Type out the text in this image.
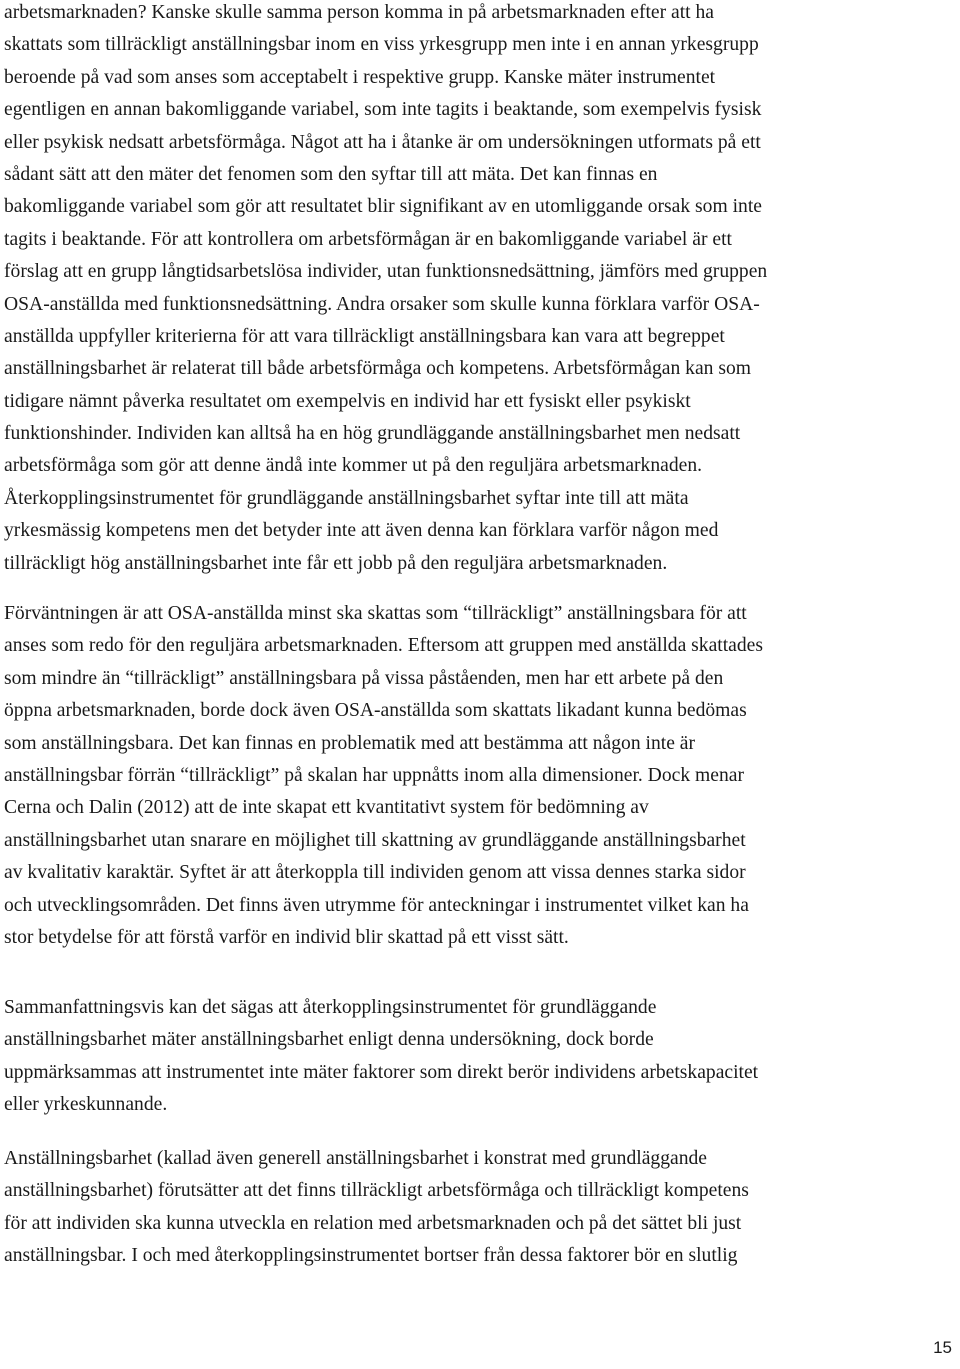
arbetsmarknaden? Kanske skulle samma person komma in på arbetsmarknaden efter att ha
skattats som tillräckligt anställningsbar inom en viss yrkesgrupp men inte i en annan yrkesgrupp
beroende på vad som anses som acceptabelt i respektive grupp. Kanske mäter instrumentet
egentligen en annan bakomliggande variabel, som inte tagits i beaktande, som exempelvis fysisk
eller psykisk nedsatt arbetsförmåga. Något att ha i åtanke är om undersökningen utformats på ett
sådant sätt att den mäter det fenomen som den syftar till att mäta. Det kan finnas en
bakomliggande variabel som gör att resultatet blir signifikant av en utomliggande orsak som inte
tagits i beaktande. För att kontrollera om arbetsförmågan är en bakomliggande variabel är ett
förslag att en grupp långtidsarbetslösa individer, utan funktionsnedsättning, jämförs med gruppen
OSA-anställda med funktionsnedsättning. Andra orsaker som skulle kunna förklara varför OSA-
anställda uppfyller kriterierna för att vara tillräckligt anställningsbara kan vara att begreppet
anställningsbarhet är relaterat till både arbetsförmåga och kompetens. Arbetsförmågan kan som
tidigare nämnt påverka resultatet om exempelvis en individ har ett fysiskt eller psykiskt
funktionshinder. Individen kan alltså ha en hög grundläggande anställningsbarhet men nedsatt
arbetsförmåga som gör att denne ändå inte kommer ut på den reguljära arbetsmarknaden.
Återkopplingsinstrumentet för grundläggande anställningsbarhet syftar inte till att mäta
yrkesmässig kompetens men det betyder inte att även denna kan förklara varför någon med
tillräckligt hög anställningsbarhet inte får ett jobb på den reguljära arbetsmarknaden.
Förväntningen är att OSA-anställda minst ska skattas som “tillräckligt” anställningsbara för att
anses som redo för den reguljära arbetsmarknaden. Eftersom att gruppen med anställda skattades
som mindre än “tillräckligt” anställningsbara på vissa påståenden, men har ett arbete på den
öppna arbetsmarknaden, borde dock även OSA-anställda som skattats likadant kunna bedömas
som anställningsbara. Det kan finnas en problematik med att bestämma att någon inte är
anställningsbar förrän “tillräckligt” på skalan har uppnåtts inom alla dimensioner. Dock menar
Cerna och Dalin (2012) att de inte skapat ett kvantitativt system för bedömning av
anställningsbarhet utan snarare en möjlighet till skattning av grundläggande anställningsbarhet
av kvalitativ karaktär. Syftet är att återkoppla till individen genom att vissa dennes starka sidor
och utvecklingsområden. Det finns även utrymme för anteckningar i instrumentet vilket kan ha
stor betydelse för att förstå varför en individ blir skattad på ett visst sätt.
Sammanfattningsvis kan det sägas att återkopplingsinstrumentet för grundläggande
anställningsbarhet mäter anställningsbarhet enligt denna undersökning, dock borde
uppmärksammas att instrumentet inte mäter faktorer som direkt berör individens arbetskapacitet
eller yrkeskunnande.
Anställningsbarhet (kallad även generell anställningsbarhet i konstrat med grundläggande
anställningsbarhet) förutsätter att det finns tillräckligt arbetsförmåga och tillräckligt kompetens
för att individen ska kunna utveckla en relation med arbetsmarknaden och på det sättet bli just
anställningsbar. I och med återkopplingsinstrumentet bortser från dessa faktorer bör en slutlig
15
